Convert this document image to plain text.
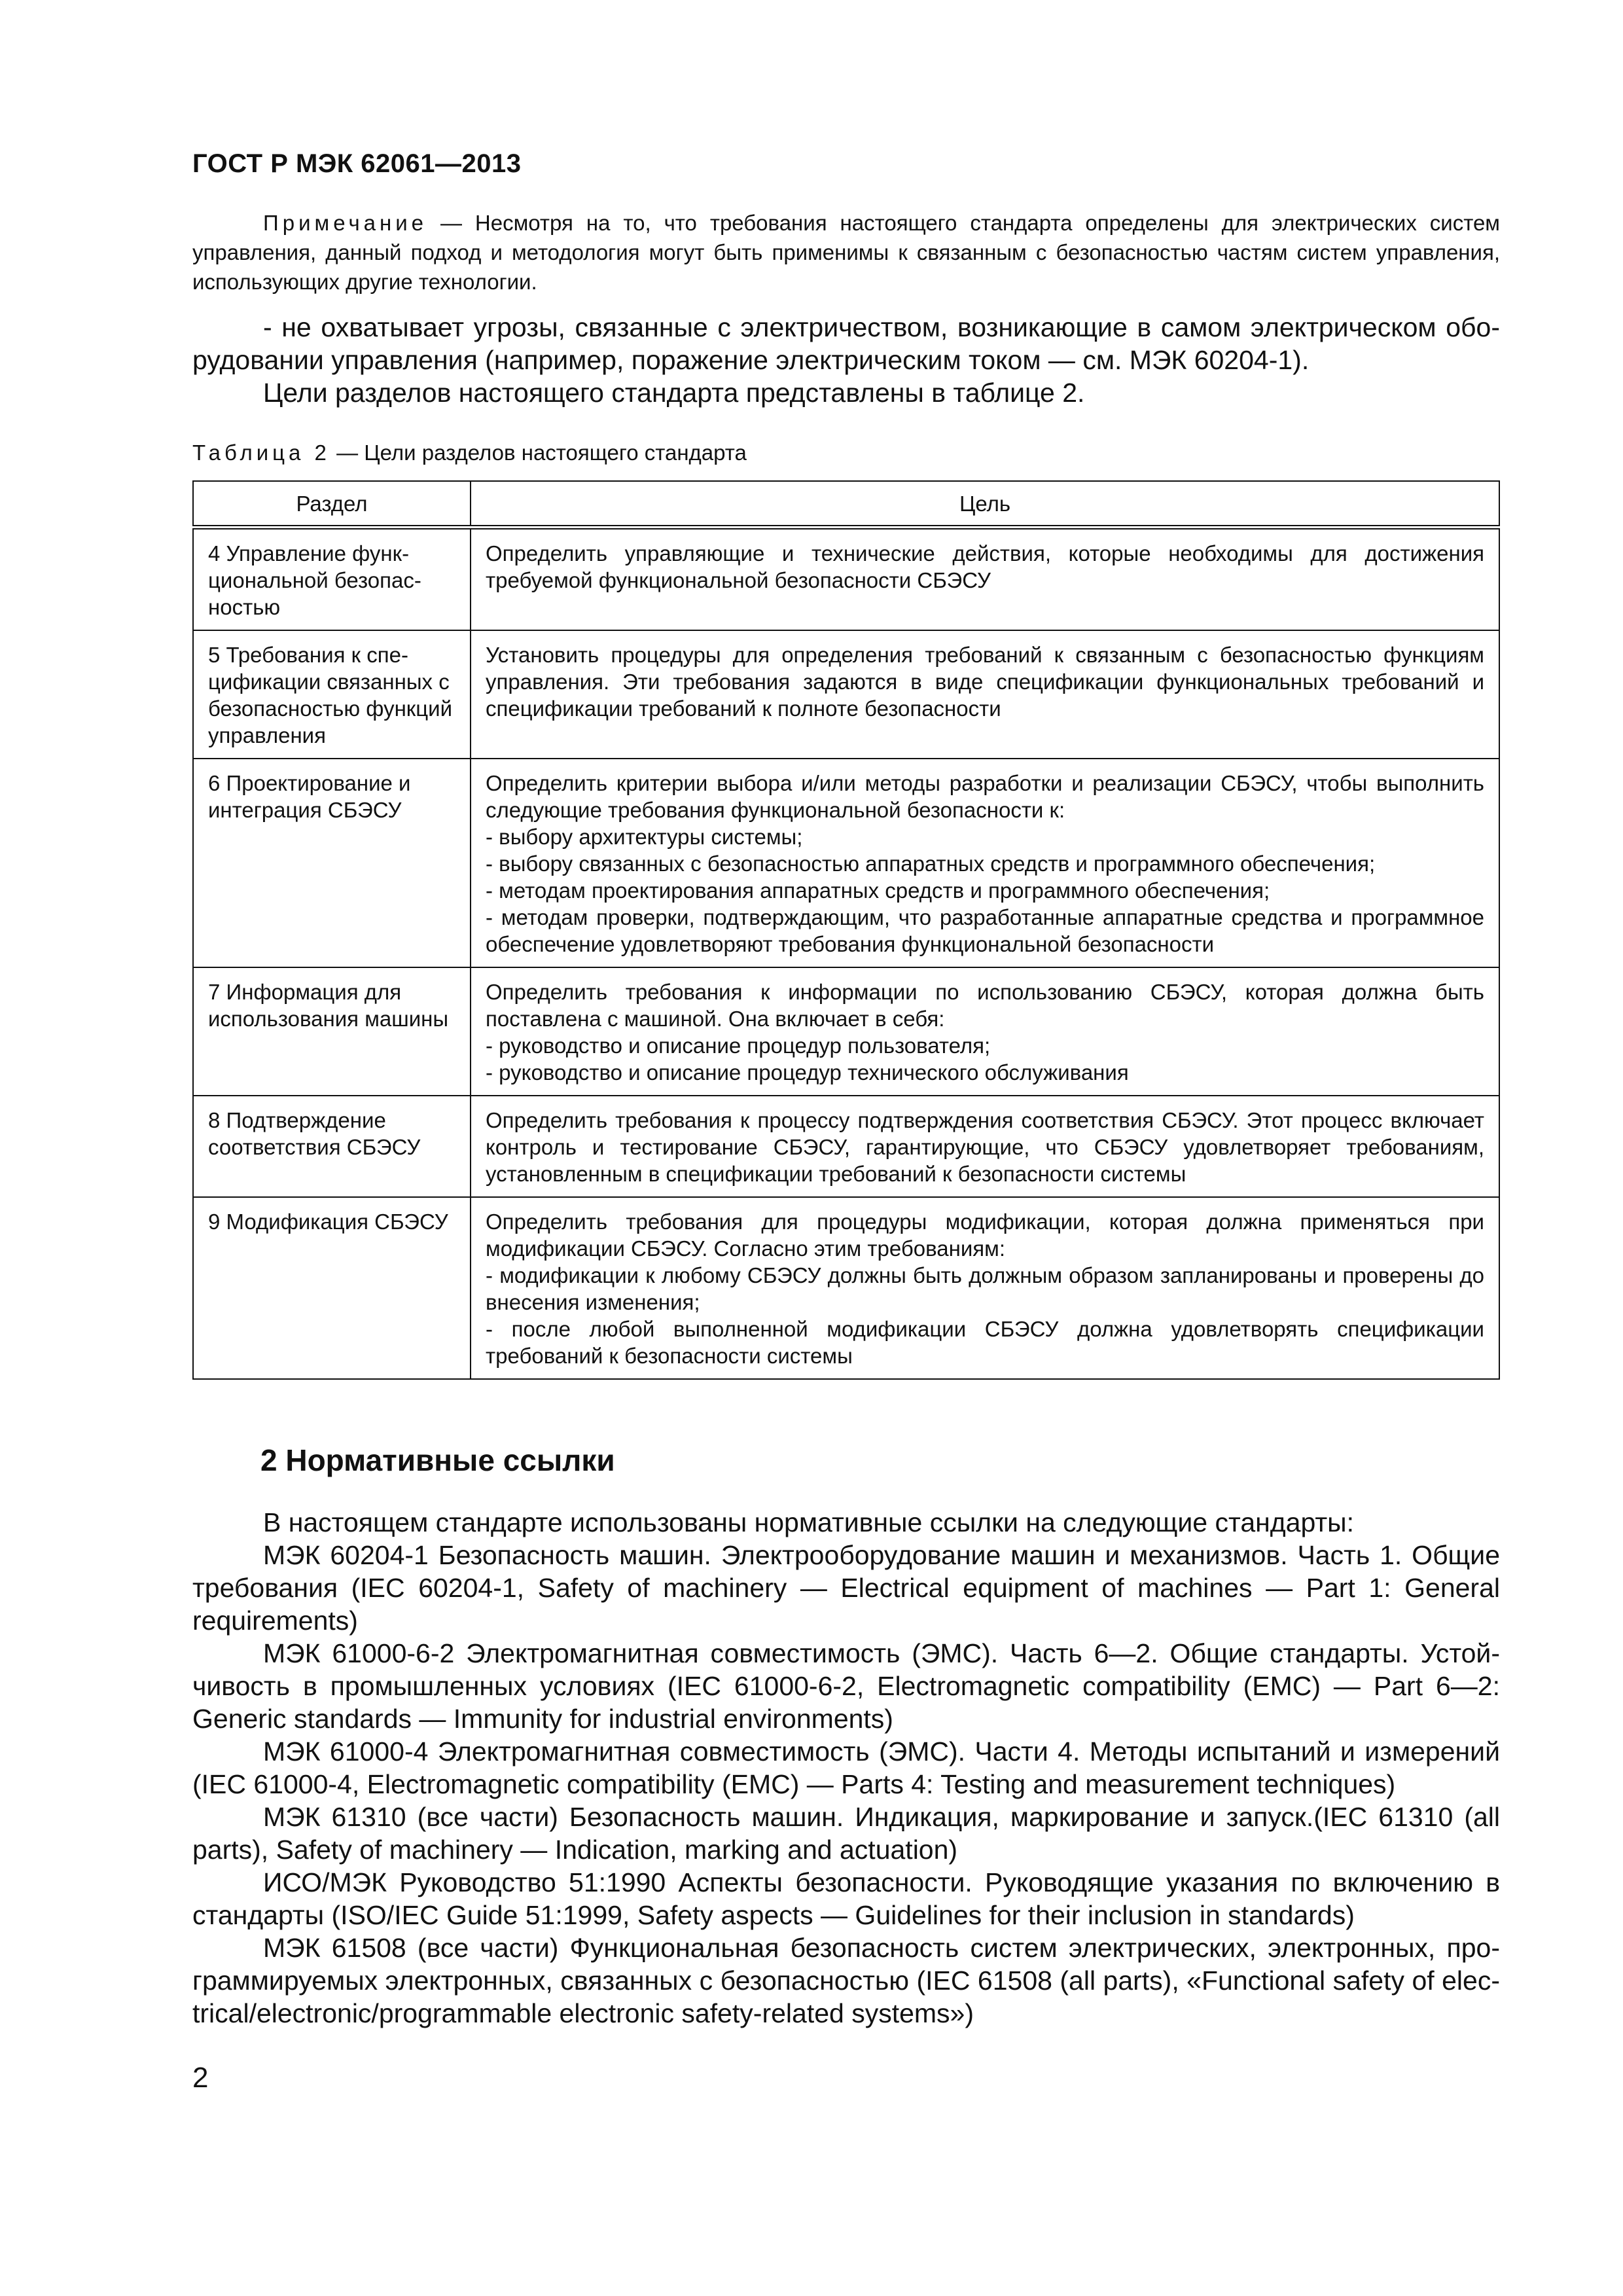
ГОСТ Р МЭК 62061—2013
Примечание — Несмотря на то, что требования настоящего стандарта определены для электрических систем управления, данный подход и методология могут быть применимы к связанным с безопасностью частям систем управления, использующих другие технологии.
- не охватывает угрозы, связанные с электричеством, возникающие в самом электрическом оборудовании управления (например, поражение электрическим током — см. МЭК 60204-1).
Цели разделов настоящего стандарта представлены в таблице 2.
Таблица 2 — Цели разделов настоящего стандарта
Раздел	Цель
4 Управление функциональной безопасностью	Определить управляющие и технические действия, которые необходимы для достижения требуемой функциональной безопасности СБЭСУ

5 Требования к спецификации связанных с безопасностью функций управления	Установить процедуры для определения требований к связанным с безопасностью функциям управления. Эти требования задаются в виде спецификации функциональных требований и спецификации требований к полноте безопасности

6 Проектирование и интеграция СБЭСУ	Определить критерии выбора и/или методы разработки и реализации СБЭСУ, чтобы выполнить следующие требования функциональной безопасности к:
- выбору архитектуры системы;
- выбору связанных с безопасностью аппаратных средств и программного обеспечения;
- методам проектирования аппаратных средств и программного обеспечения;
- методам проверки, подтверждающим, что разработанные аппаратные средства и программное обеспечение удовлетворяют требования функциональной безопасности

7 Информация для использования машины	Определить требования к информации по использованию СБЭСУ, которая должна быть поставлена с машиной. Она включает в себя:
- руководство и описание процедур пользователя;
- руководство и описание процедур технического обслуживания

8 Подтверждение соответствия СБЭСУ	Определить требования к процессу подтверждения соответствия СБЭСУ. Этот процесс включает контроль и тестирование СБЭСУ, гарантирующие, что СБЭСУ удовлетворяет требованиям, установленным в спецификации требований к безопасности системы

9 Модификация СБЭСУ	Определить требования для процедуры модификации, которая должна применяться при модификации СБЭСУ. Согласно этим требованиям:
- модификации к любому СБЭСУ должны быть должным образом запланированы и проверены до внесения изменения;
- после любой выполненной модификации СБЭСУ должна удовлетворять спецификации требований к безопасности системы
2 Нормативные ссылки

В настоящем стандарте использованы нормативные ссылки на следующие стандарты:

МЭК 60204-1 Безопасность машин. Электрооборудование машин и механизмов. Часть 1. Общие требования (IEC 60204-1, Safety of machinery — Electrical equipment of machines — Part 1: General requirements)

МЭК 61000-6-2 Электромагнитная совместимость (ЭМС). Часть 6—2. Общие стандарты. Устойчивость в промышленных условиях (IEC 61000-6-2, Electromagnetic compatibility (EMC) — Part 6—2: Generic standards — Immunity for industrial environments)

МЭК 61000-4 Электромагнитная совместимость (ЭМС). Части 4. Методы испытаний и измерений (IEC 61000-4, Electromagnetic compatibility (EMC) — Parts 4: Testing and measurement techniques)

МЭК 61310 (все части) Безопасность машин. Индикация, маркирование и запуск.(IEC 61310 (all parts), Safety of machinery — Indication, marking and actuation)

ИСО/МЭК Руководство 51:1990 Аспекты безопасности. Руководящие указания по включению в стандарты (ISO/IEC Guide 51:1999, Safety aspects — Guidelines for their inclusion in standards)

МЭК 61508 (все части) Функциональная безопасность систем электрических, электронных, программируемых электронных, связанных с безопасностью (IEC 61508 (all parts), «Functional safety of electrical/electronic/programmable electronic safety-related systems»)

2
